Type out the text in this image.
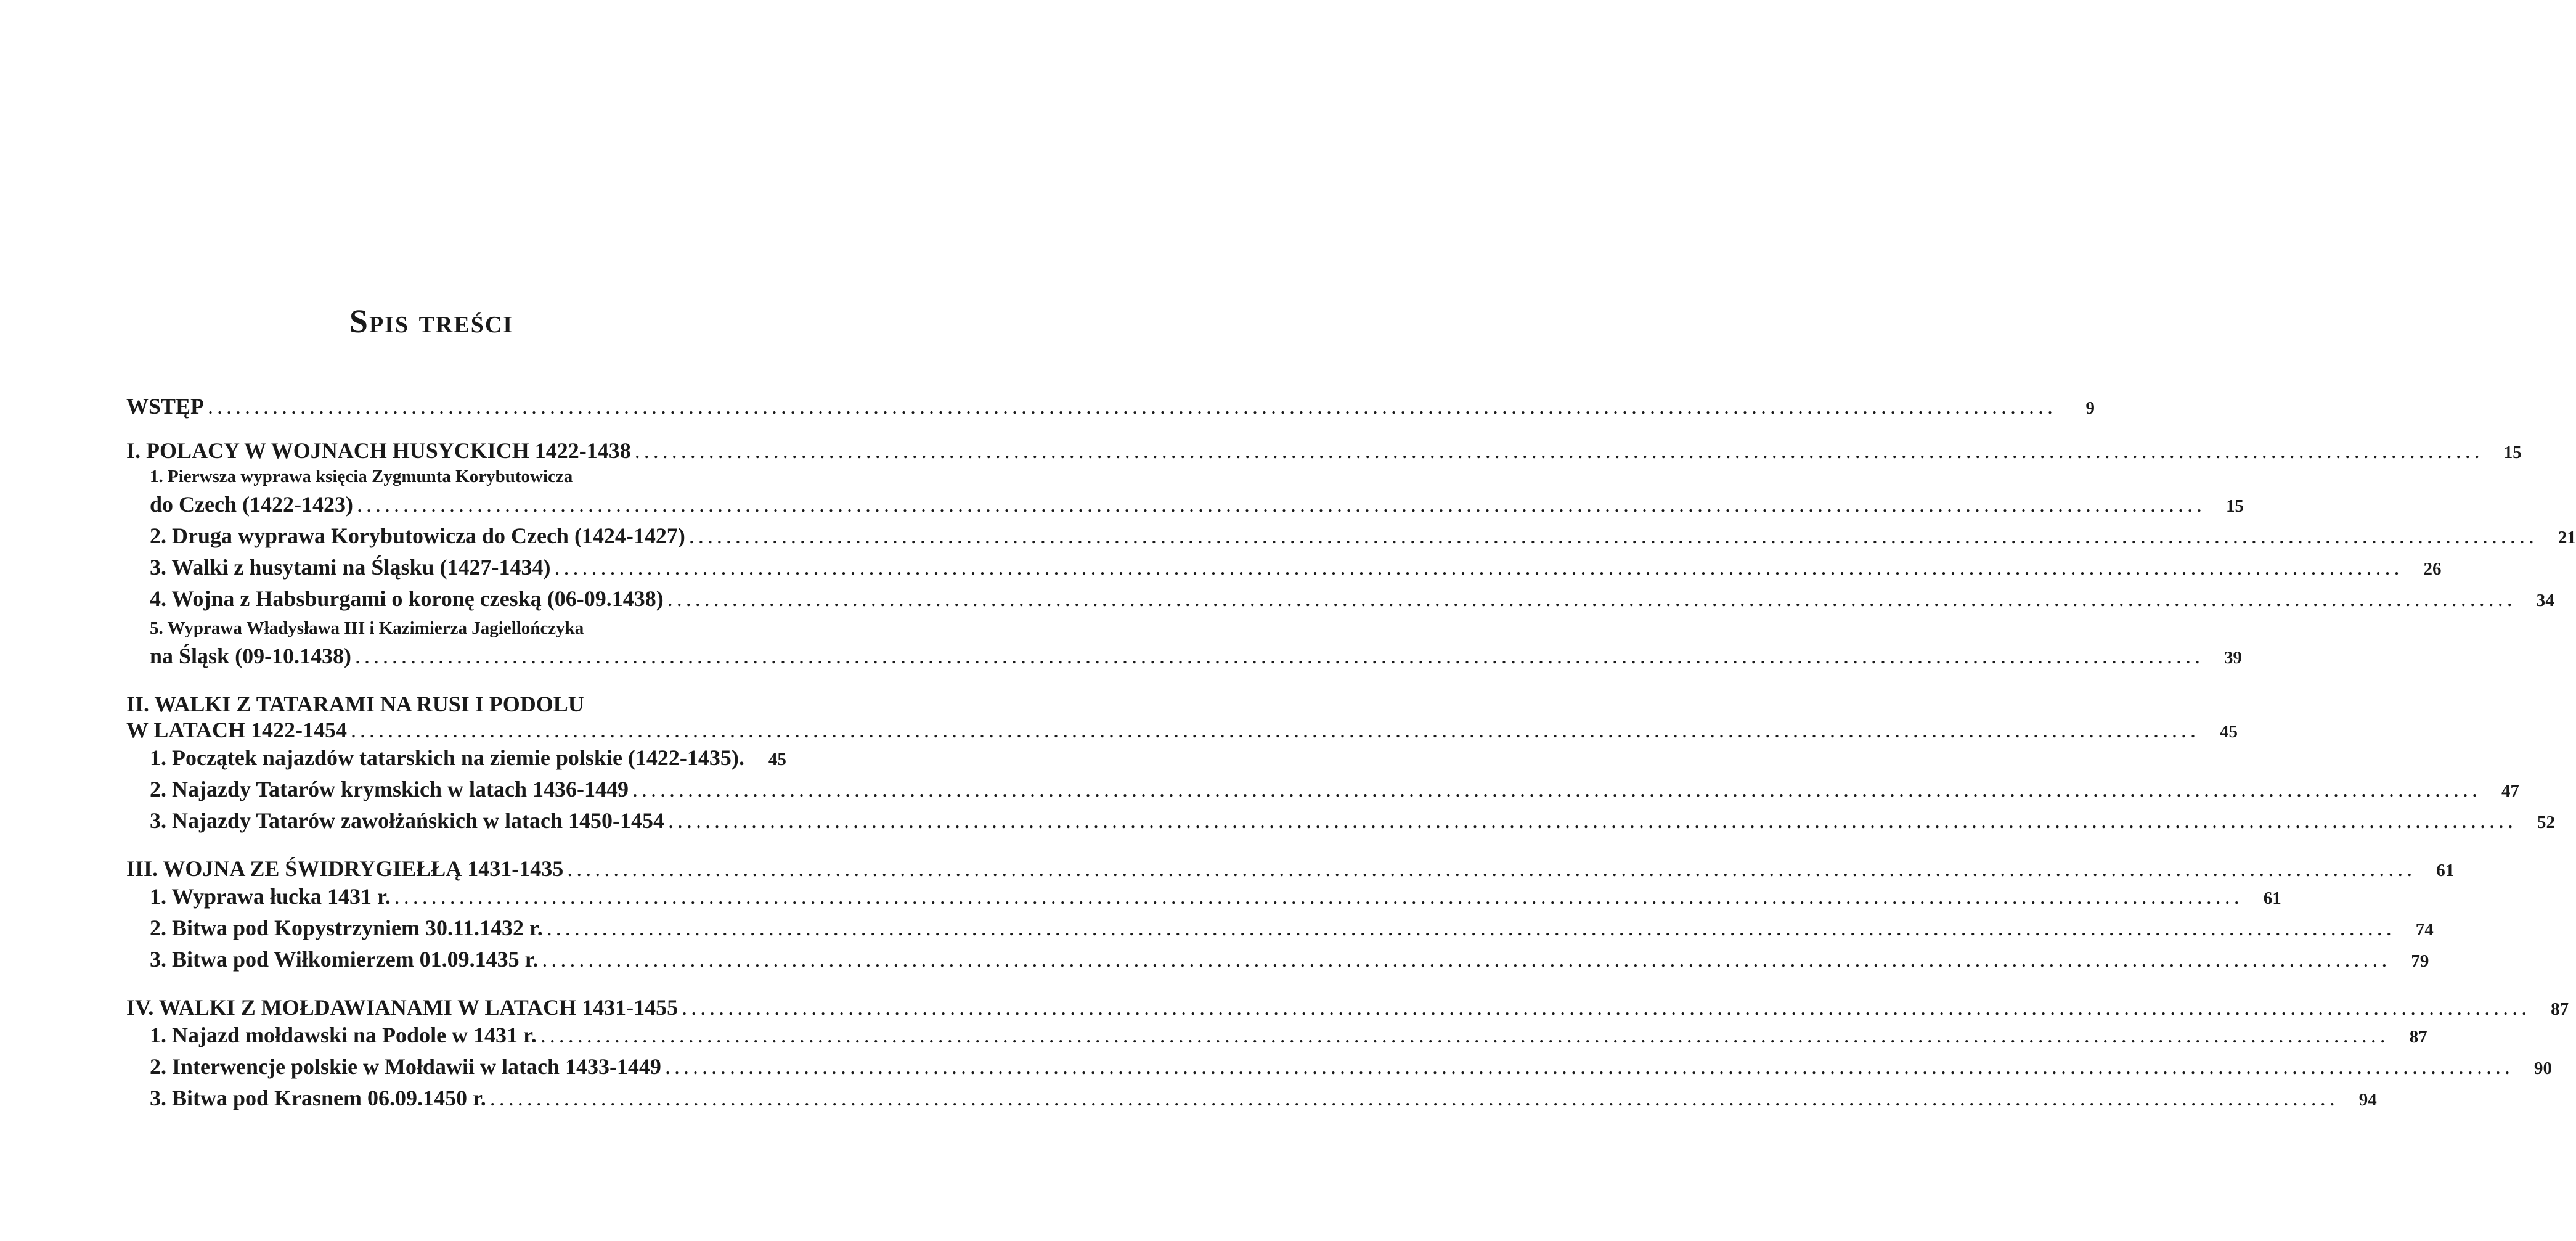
Spis treści
WSTĘP ........................................................................................................................................................................................................	9
I. POLACY W WOJNACH HUSYCKICH 1422-1438 ........................................................................................................................................................................................................	15
1. Pierwsza wyprawa księcia Zygmunta Korybutowicza
do Czech (1422-1423) ........................................................................................................................................................................................................	15
2. Druga wyprawa Korybutowicza do Czech (1424-1427) ........................................................................................................................................................................................................	21
3. Walki z husytami na Śląsku (1427-1434) ........................................................................................................................................................................................................	26
4. Wojna z Habsburgami o koronę czeską (06-09.1438) ........................................................................................................................................................................................................	34
5. Wyprawa Władysława III i Kazimierza Jagiellończyka
na Śląsk (09-10.1438) ........................................................................................................................................................................................................	39
II. WALKI Z TATARAMI NA RUSI I PODOLU
W LATACH 1422-1454 ........................................................................................................................................................................................................	45
1. Początek najazdów tatarskich na ziemie polskie (1422-1435).	45
2. Najazdy Tatarów krymskich w latach 1436-1449 ........................................................................................................................................................................................................	47
3. Najazdy Tatarów zawołżańskich w latach 1450-1454 ........................................................................................................................................................................................................	52
III. WOJNA ZE ŚWIDRYGIEŁŁĄ 1431-1435 ........................................................................................................................................................................................................	61
1. Wyprawa łucka 1431 r. ........................................................................................................................................................................................................	61
2. Bitwa pod Kopystrzyniem 30.11.1432 r. ........................................................................................................................................................................................................	74
3. Bitwa pod Wiłkomierzem 01.09.1435 r. ........................................................................................................................................................................................................	79
IV. WALKI Z MOŁDAWIANAMI W LATACH 1431-1455 ........................................................................................................................................................................................................	87
1. Najazd mołdawski na Podole w 1431 r. ........................................................................................................................................................................................................	87
2. Interwencje polskie w Mołdawii w latach 1433-1449 ........................................................................................................................................................................................................	90
3. Bitwa pod Krasnem 06.09.1450 r. ........................................................................................................................................................................................................	94
